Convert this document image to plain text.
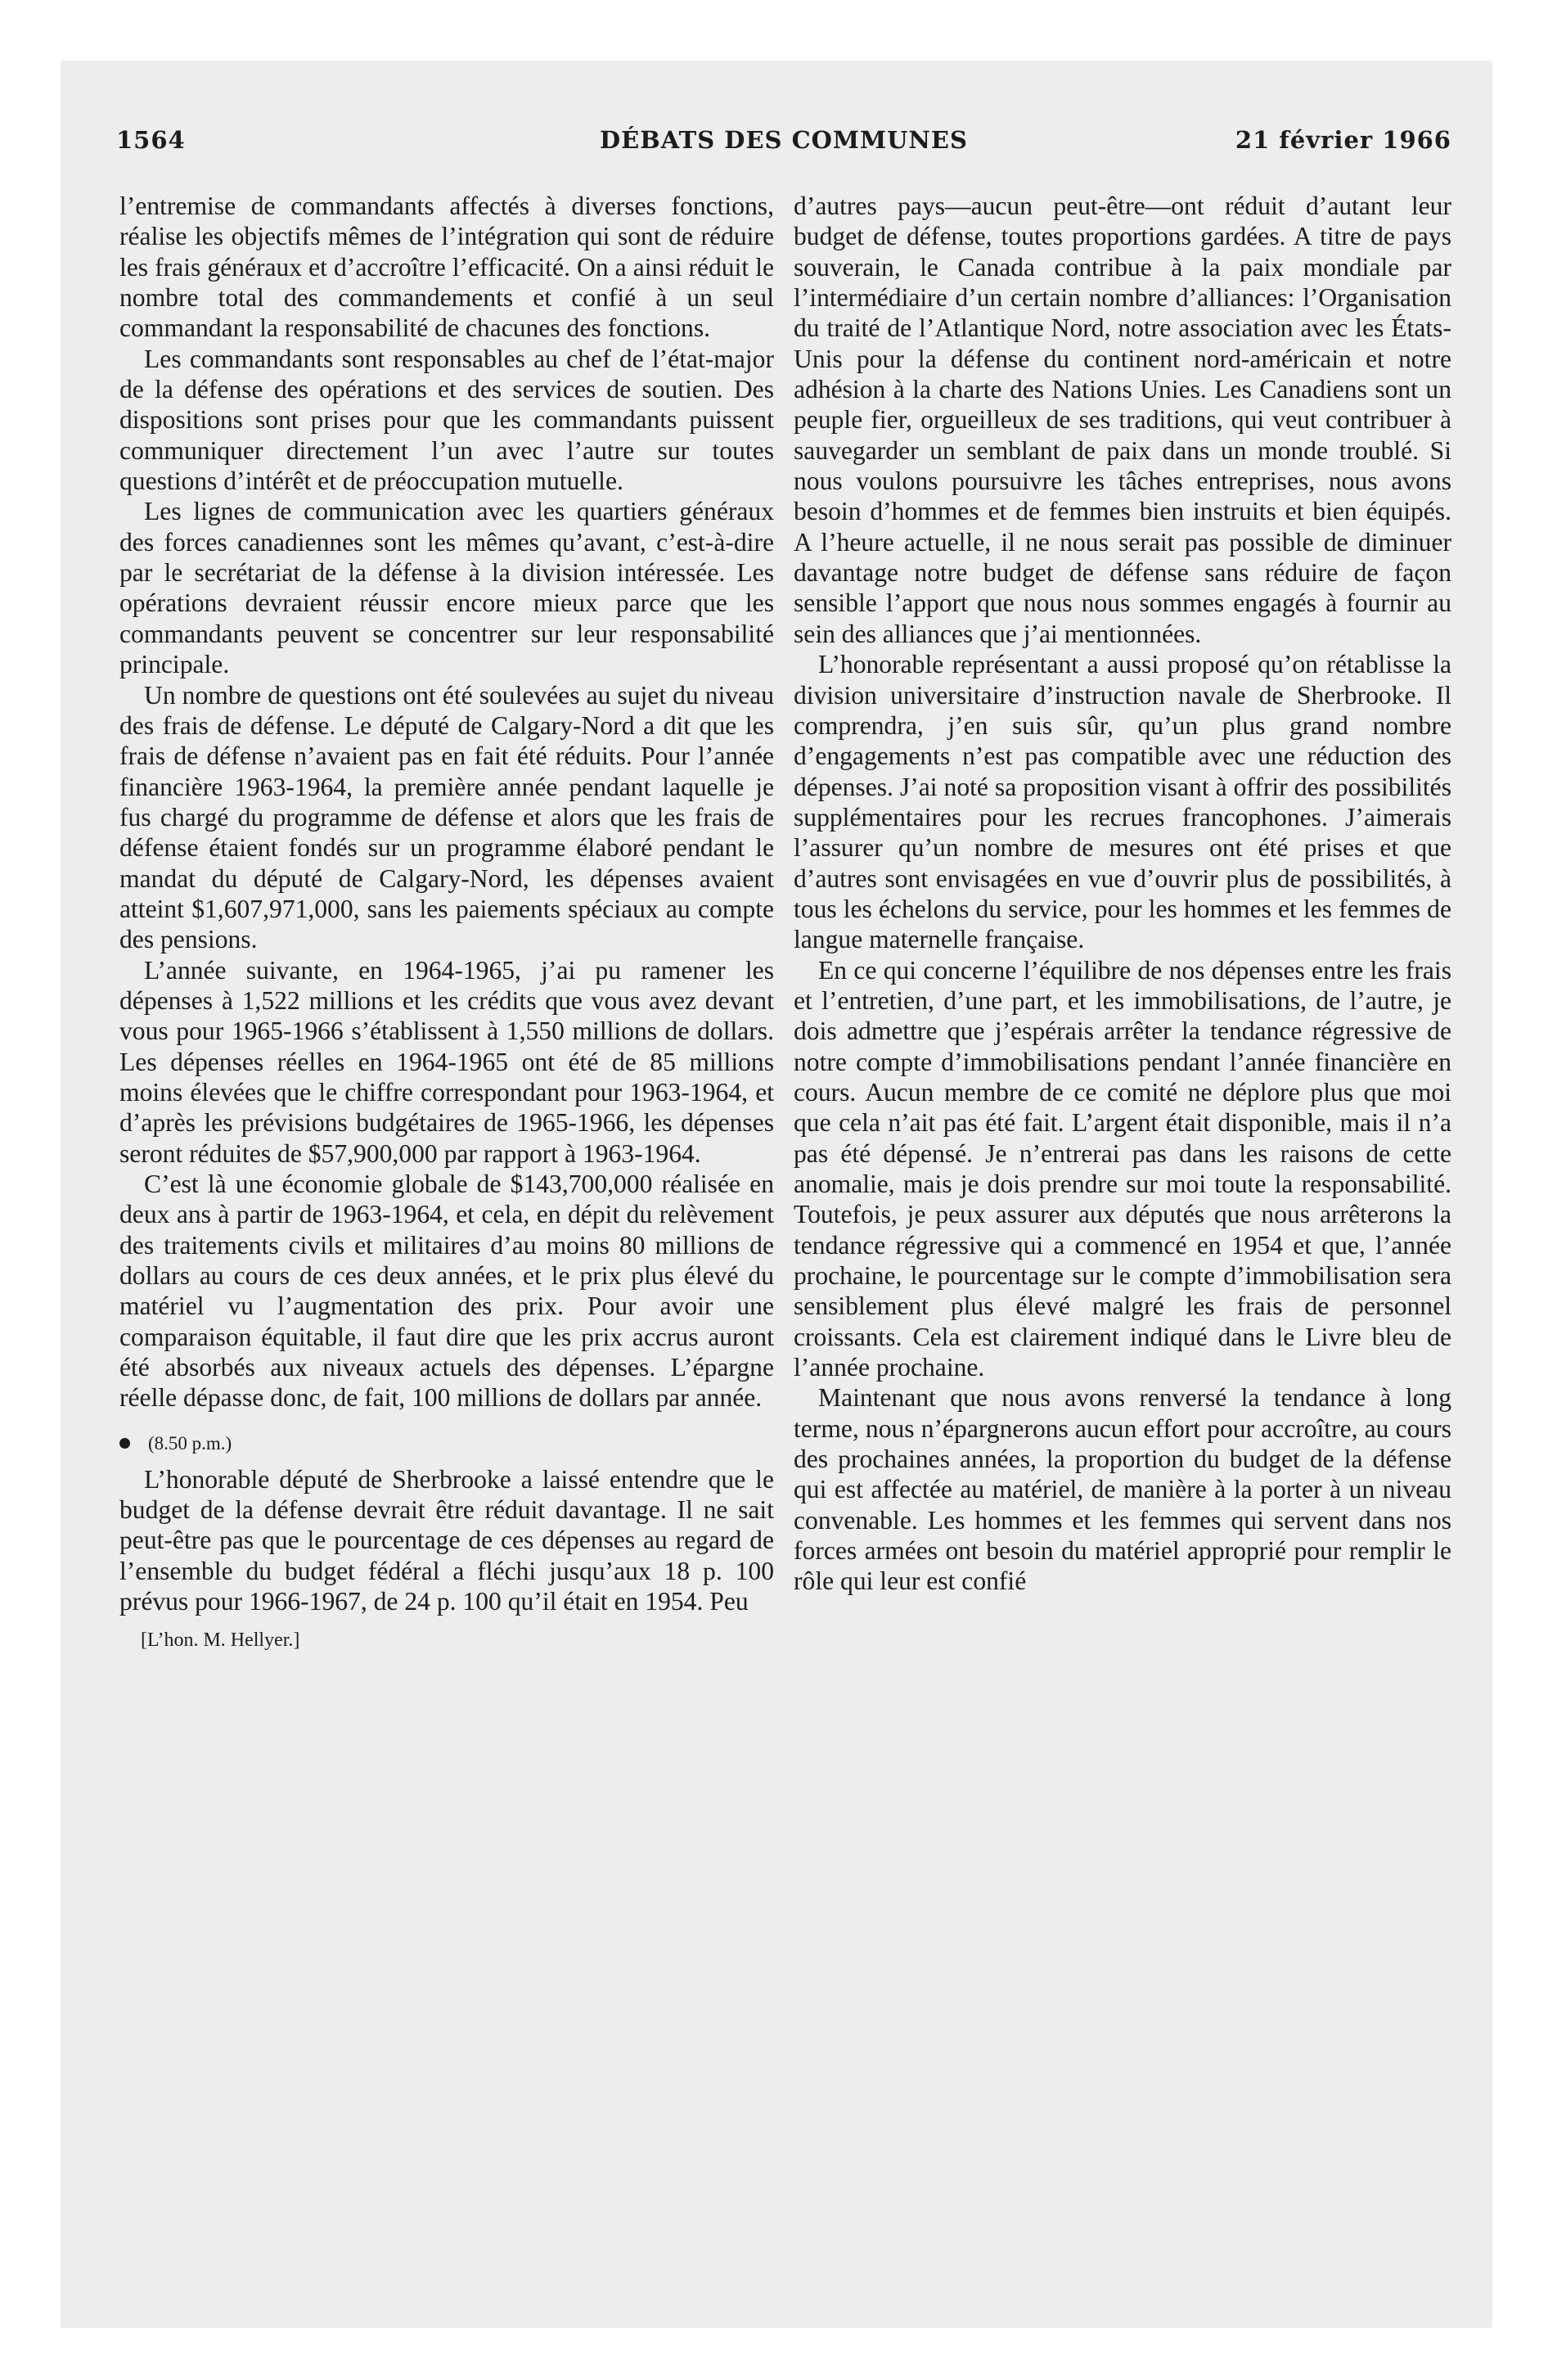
1564	DÉBATS DES COMMUNES	21 février 1966

l’entremise de commandants affectés à diverses fonctions, réalise les objectifs mêmes de l’intégration qui sont de réduire les frais généraux et d’accroître l’efficacité. On a ainsi réduit le nombre total des commandements et confié à un seul commandant la responsabilité de chacunes des fonctions.

Les commandants sont responsables au chef de l’état-major de la défense des opérations et des services de soutien. Des dispositions sont prises pour que les commandants puissent communiquer directement l’un avec l’autre sur toutes questions d’intérêt et de préoccupation mutuelle.

Les lignes de communication avec les quartiers généraux des forces canadiennes sont les mêmes qu’avant, c’est-à-dire par le secrétariat de la défense à la division intéressée. Les opérations devraient réussir encore mieux parce que les commandants peuvent se concentrer sur leur responsabilité principale.

Un nombre de questions ont été soulevées au sujet du niveau des frais de défense. Le député de Calgary-Nord a dit que les frais de défense n’avaient pas en fait été réduits. Pour l’année financière 1963-1964, la première année pendant laquelle je fus chargé du programme de défense et alors que les frais de défense étaient fondés sur un programme élaboré pendant le mandat du député de Calgary-Nord, les dépenses avaient atteint $1,607,971,000, sans les paiements spéciaux au compte des pensions.

L’année suivante, en 1964-1965, j’ai pu ramener les dépenses à 1,522 millions et les crédits que vous avez devant vous pour 1965-1966 s’établissent à 1,550 millions de dollars. Les dépenses réelles en 1964-1965 ont été de 85 millions moins élevées que le chiffre correspondant pour 1963-1964, et d’après les prévisions budgétaires de 1965-1966, les dépenses seront réduites de $57,900,000 par rapport à 1963-1964.

C’est là une économie globale de $143,700,000 réalisée en deux ans à partir de 1963-1964, et cela, en dépit du relèvement des traitements civils et militaires d’au moins 80 millions de dollars au cours de ces deux années, et le prix plus élevé du matériel vu l’augmentation des prix. Pour avoir une comparaison équitable, il faut dire que les prix accrus auront été absorbés aux niveaux actuels des dépenses. L’épargne réelle dépasse donc, de fait, 100 millions de dollars par année.

(8.50 p.m.)

L’honorable député de Sherbrooke a laissé entendre que le budget de la défense devrait être réduit davantage. Il ne sait peut-être pas que le pourcentage de ces dépenses au regard de l’ensemble du budget fédéral a fléchi jusqu’aux 18 p. 100 prévus pour 1966-1967, de 24 p. 100 qu’il était en 1954. Peu

[L’hon. M. Hellyer.]

d’autres pays—aucun peut-être—ont réduit d’autant leur budget de défense, toutes proportions gardées. A titre de pays souverain, le Canada contribue à la paix mondiale par l’intermédiaire d’un certain nombre d’alliances: l’Organisation du traité de l’Atlantique Nord, notre association avec les États-Unis pour la défense du continent nord-américain et notre adhésion à la charte des Nations Unies. Les Canadiens sont un peuple fier, orgueilleux de ses traditions, qui veut contribuer à sauvegarder un semblant de paix dans un monde troublé. Si nous voulons poursuivre les tâches entreprises, nous avons besoin d’hommes et de femmes bien instruits et bien équipés. A l’heure actuelle, il ne nous serait pas possible de diminuer davantage notre budget de défense sans réduire de façon sensible l’apport que nous nous sommes engagés à fournir au sein des alliances que j’ai mentionnées.

L’honorable représentant a aussi proposé qu’on rétablisse la division universitaire d’instruction navale de Sherbrooke. Il comprendra, j’en suis sûr, qu’un plus grand nombre d’engagements n’est pas compatible avec une réduction des dépenses. J’ai noté sa proposition visant à offrir des possibilités supplémentaires pour les recrues francophones. J’aimerais l’assurer qu’un nombre de mesures ont été prises et que d’autres sont envisagées en vue d’ouvrir plus de possibilités, à tous les échelons du service, pour les hommes et les femmes de langue maternelle française.

En ce qui concerne l’équilibre de nos dépenses entre les frais et l’entretien, d’une part, et les immobilisations, de l’autre, je dois admettre que j’espérais arrêter la tendance régressive de notre compte d’immobilisations pendant l’année financière en cours. Aucun membre de ce comité ne déplore plus que moi que cela n’ait pas été fait. L’argent était disponible, mais il n’a pas été dépensé. Je n’entrerai pas dans les raisons de cette anomalie, mais je dois prendre sur moi toute la responsabilité. Toutefois, je peux assurer aux députés que nous arrêterons la tendance régressive qui a commencé en 1954 et que, l’année prochaine, le pourcentage sur le compte d’immobilisation sera sensiblement plus élevé malgré les frais de personnel croissants. Cela est clairement indiqué dans le Livre bleu de l’année prochaine.

Maintenant que nous avons renversé la tendance à long terme, nous n’épargnerons aucun effort pour accroître, au cours des prochaines années, la proportion du budget de la défense qui est affectée au matériel, de manière à la porter à un niveau convenable. Les hommes et les femmes qui servent dans nos forces armées ont besoin du matériel approprié pour remplir le rôle qui leur est confié
